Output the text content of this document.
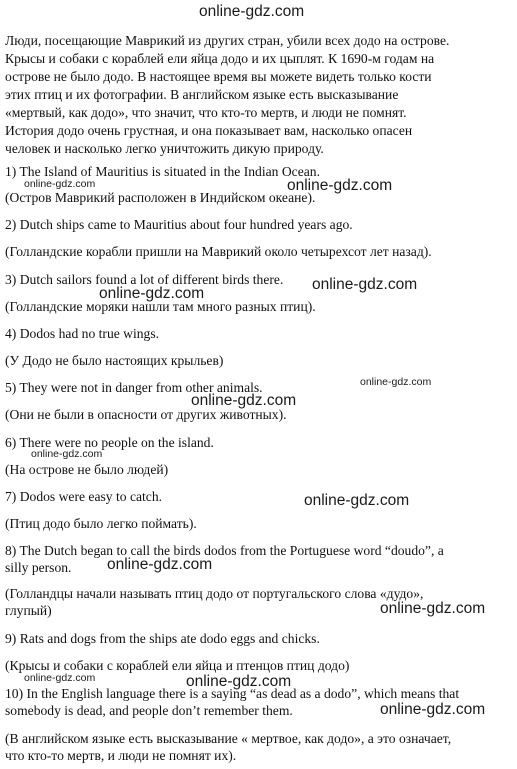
Люди, посещающие Маврикий из других стран, убили всех додо на острове.
Крысы и собаки с кораблей ели яйца додо и их цыплят. К 1690-м годам на
острове не было додо. В настоящее время вы можете видеть только кости
этих птиц и их фотографии. В английском языке есть высказывание
«мертвый, как додо», что значит, что кто-то мертв, и люди не помнят.
История додо очень грустная, и она показывает вам, насколько опасен
человек и насколько легко уничтожить дикую природу.
1) The Island of Mauritius is situated in the Indian Ocean.
(Остров Маврикий расположен в Индийском океане).
2) Dutch ships came to Mauritius about four hundred years ago.
(Голландские корабли пришли на Маврикий около четырехсот лет назад).
3) Dutch sailors found a lot of different birds there.
(Голландские моряки нашли там много разных птиц).
4) Dodos had no true wings.
(У Додо не было настоящих крыльев)
5) They were not in danger from other animals.
(Они не были в опасности от других животных).
6) There were no people on the island.
(На острове не было людей)
7) Dodos were easy to catch.
(Птиц додо было легко поймать).
8) The Dutch began to call the birds dodos from the Portuguese word “doudo”, a
silly person.
(Голландцы начали называть птиц додо от португальского слова «дудо»,
глупый)
9) Rats and dogs from the ships ate dodo eggs and chicks.
(Крысы и собаки с кораблей ели яйца и птенцов птиц додо)
10) In the English language there is a saying “as dead as a dodo”, which means that
somebody is dead, and people don’t remember them.
(В английском языке есть высказывание « мертвое, как додо», а это означает,
что кто-то мертв, и люди не помнят их).
online-gdz.com
online-gdz.com	online-gdz.com
online-gdz.com
online-gdz.com
online-gdz.com
online-gdz.com
online-gdz.com
online-gdz.com
online-gdz.com
online-gdz.com
online-gdz.com
online-gdz.com
online-gdz.com
